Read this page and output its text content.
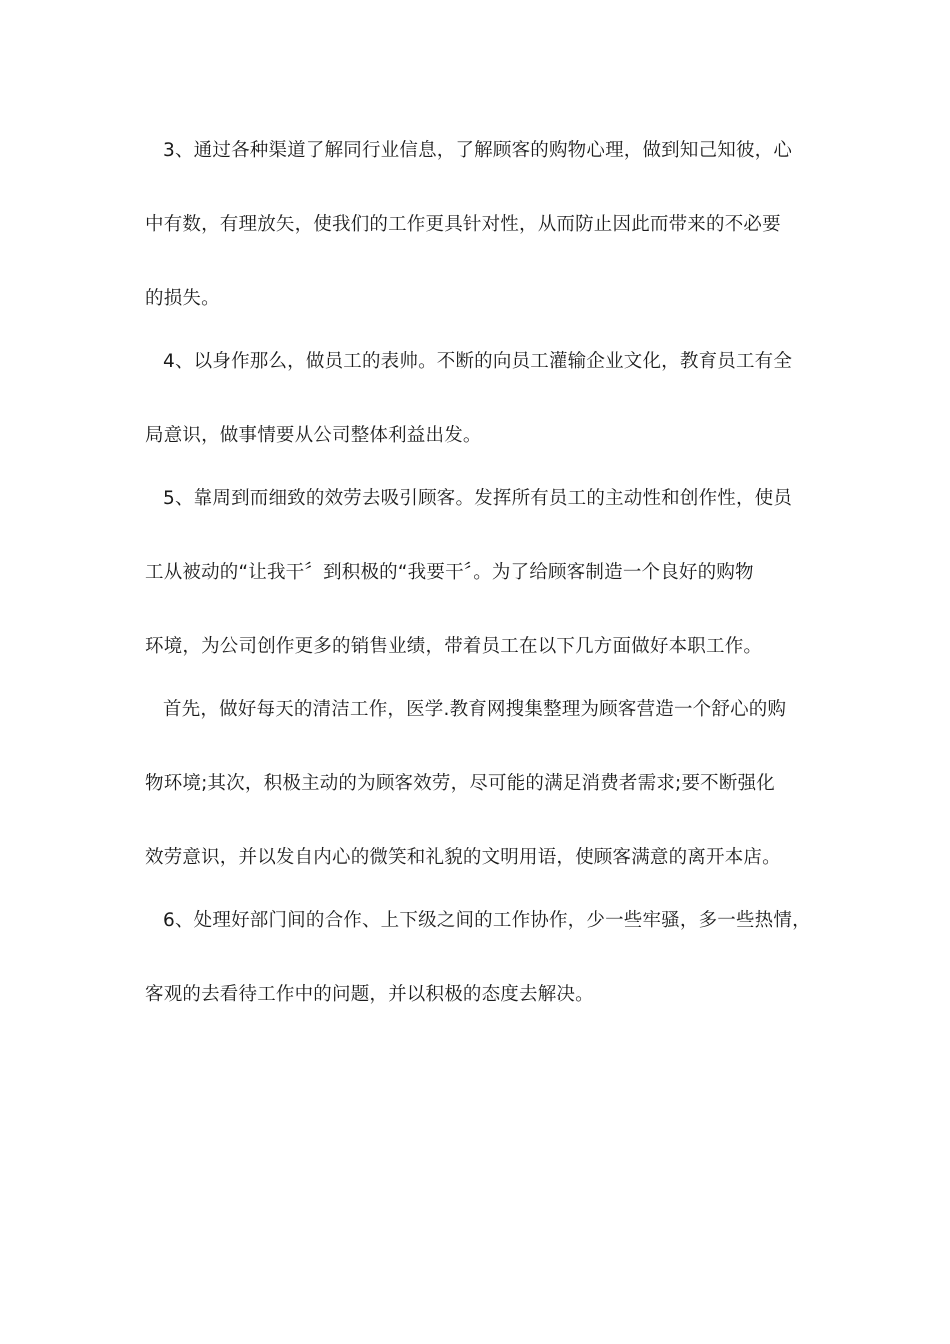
3、通过各种渠道了解同行业信息，了解顾客的购物心理，做到知己知彼，心
中有数，有理放矢，使我们的工作更具针对性，从而防止因此而带来的不必要
的损失。
4、以身作那么，做员工的表帅。不断的向员工灌输企业文化，教育员工有全
局意识，做事情要从公司整体利益出发。
5、靠周到而细致的效劳去吸引顾客。发挥所有员工的主动性和创作性，使员
工从被动的“让我干〞到积极的“我要干〞。为了给顾客制造一个良好的购物
环境，为公司创作更多的销售业绩，带着员工在以下几方面做好本职工作。
首先，做好每天的清洁工作，医学.教育网搜集整理为顾客营造一个舒心的购
物环境;其次，积极主动的为顾客效劳，尽可能的满足消费者需求;要不断强化
效劳意识，并以发自内心的微笑和礼貌的文明用语，使顾客满意的离开本店。
6、处理好部门间的合作、上下级之间的工作协作，少一些牢骚，多一些热情，
客观的去看待工作中的问题，并以积极的态度去解决。
